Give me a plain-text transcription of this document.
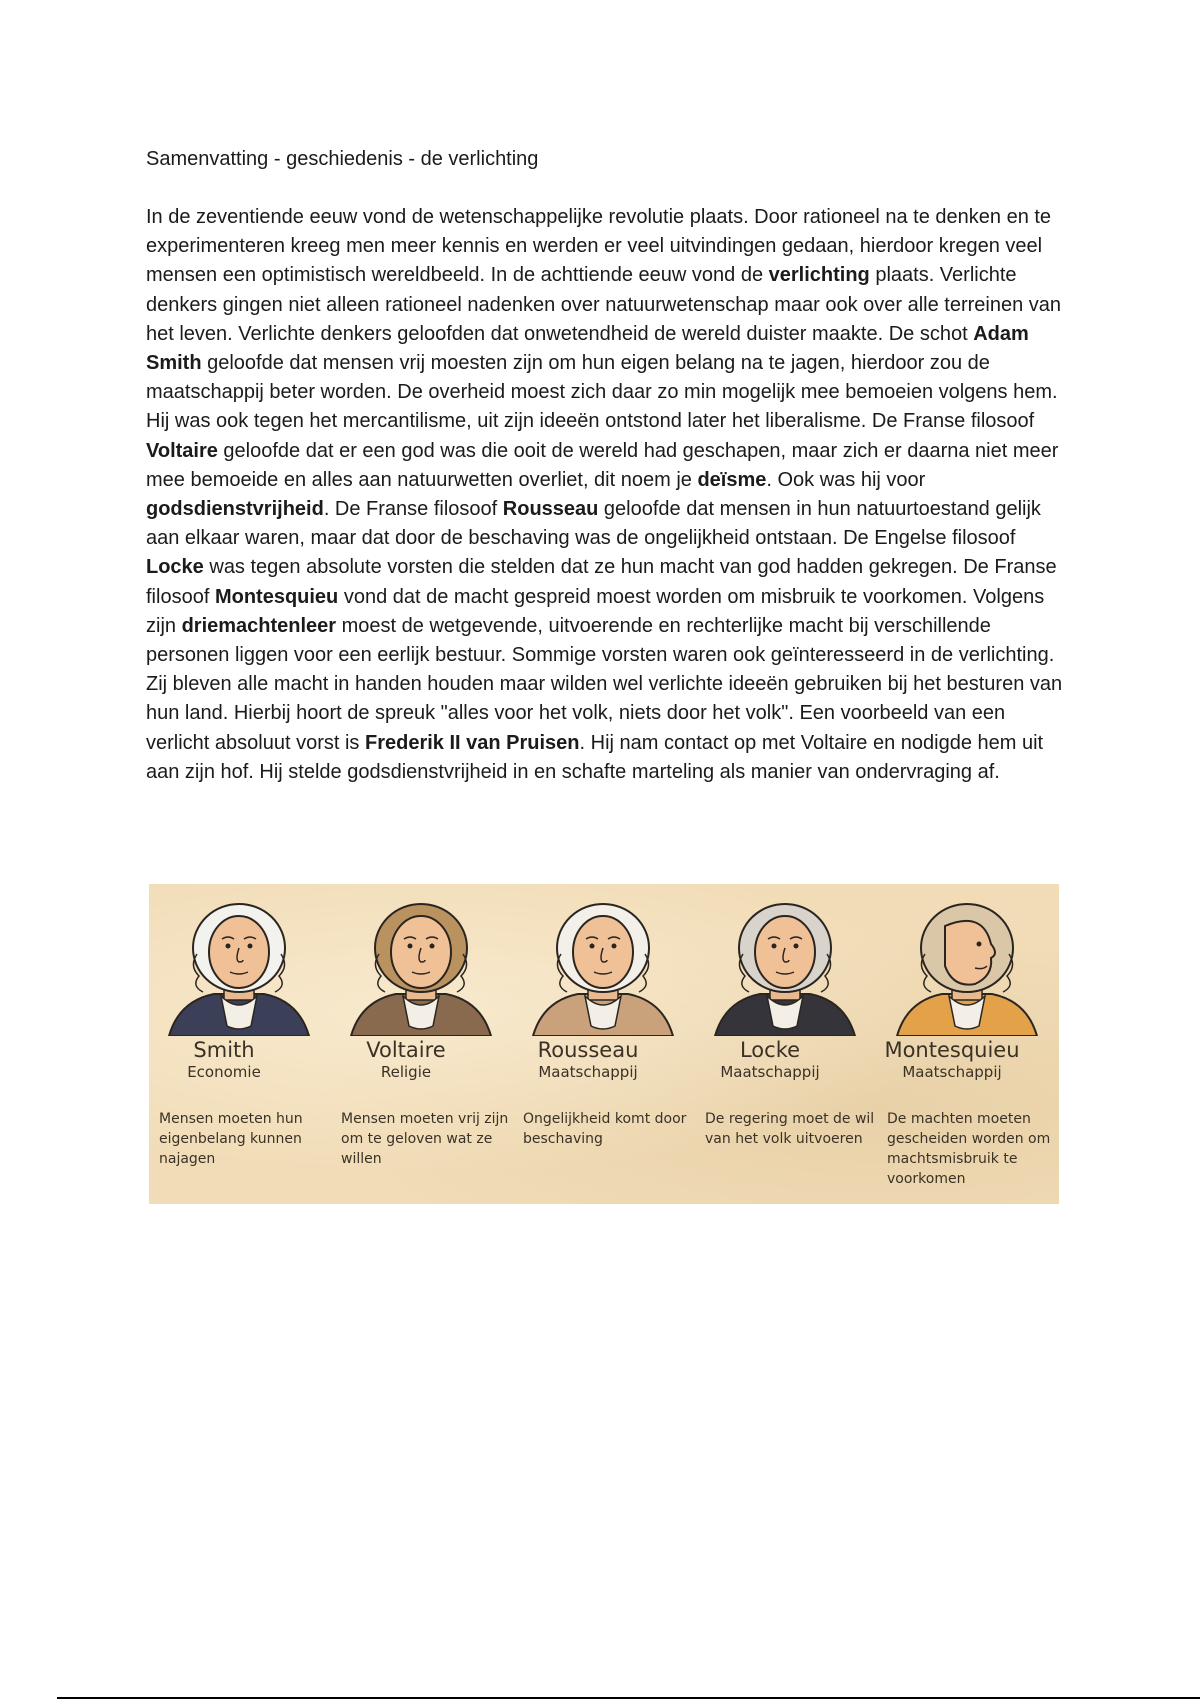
Samenvatting - geschiedenis - de verlichting

In de zeventiende eeuw vond de wetenschappelijke revolutie plaats. Door rationeel na te denken en te experimenteren kreeg men meer kennis en werden er veel uitvindingen gedaan, hierdoor kregen veel mensen een optimistisch wereldbeeld. In de achttiende eeuw vond de verlichting plaats. Verlichte denkers gingen niet alleen rationeel nadenken over natuurwetenschap maar ook over alle terreinen van het leven. Verlichte denkers geloofden dat onwetendheid de wereld duister maakte. De schot Adam Smith geloofde dat mensen vrij moesten zijn om hun eigen belang na te jagen, hierdoor zou de maatschappij beter worden. De overheid moest zich daar zo min mogelijk mee bemoeien volgens hem. Hij was ook tegen het mercantilisme, uit zijn ideeën ontstond later het liberalisme. De Franse filosoof Voltaire geloofde dat er een god was die ooit de wereld had geschapen, maar zich er daarna niet meer mee bemoeide en alles aan natuurwetten overliet, dit noem je deïsme. Ook was hij voor godsdienstvrijheid. De Franse filosoof Rousseau geloofde dat mensen in hun natuurtoestand gelijk aan elkaar waren, maar dat door de beschaving was de ongelijkheid ontstaan. De Engelse filosoof Locke was tegen absolute vorsten die stelden dat ze hun macht van god hadden gekregen. De Franse filosoof Montesquieu vond dat de macht gespreid moest worden om misbruik te voorkomen. Volgens zijn driemachtenleer moest de wetgevende, uitvoerende en rechterlijke macht bij verschillende personen liggen voor een eerlijk bestuur. Sommige vorsten waren ook geïnteresseerd in de verlichting. Zij bleven alle macht in handen houden maar wilden wel verlichte ideeën gebruiken bij het besturen van hun land. Hierbij hoort de spreuk "alles voor het volk, niets door het volk". Een voorbeeld van een verlicht absoluut vorst is Frederik II van Pruisen. Hij nam contact op met Voltaire en nodigde hem uit aan zijn hof. Hij stelde godsdienstvrijheid in en schafte marteling als manier van ondervraging af.

Smith
Economie
Mensen moeten hun eigenbelang kunnen najagen
Voltaire
Religie
Mensen moeten vrij zijn om te geloven wat ze willen
Rousseau
Maatschappij
Ongelijkheid komt door beschaving
Locke
Maatschappij
De regering moet de wil van het volk uitvoeren
Montesquieu
Maatschappij
De machten moeten gescheiden worden om machtsmisbruik te voorkomen
